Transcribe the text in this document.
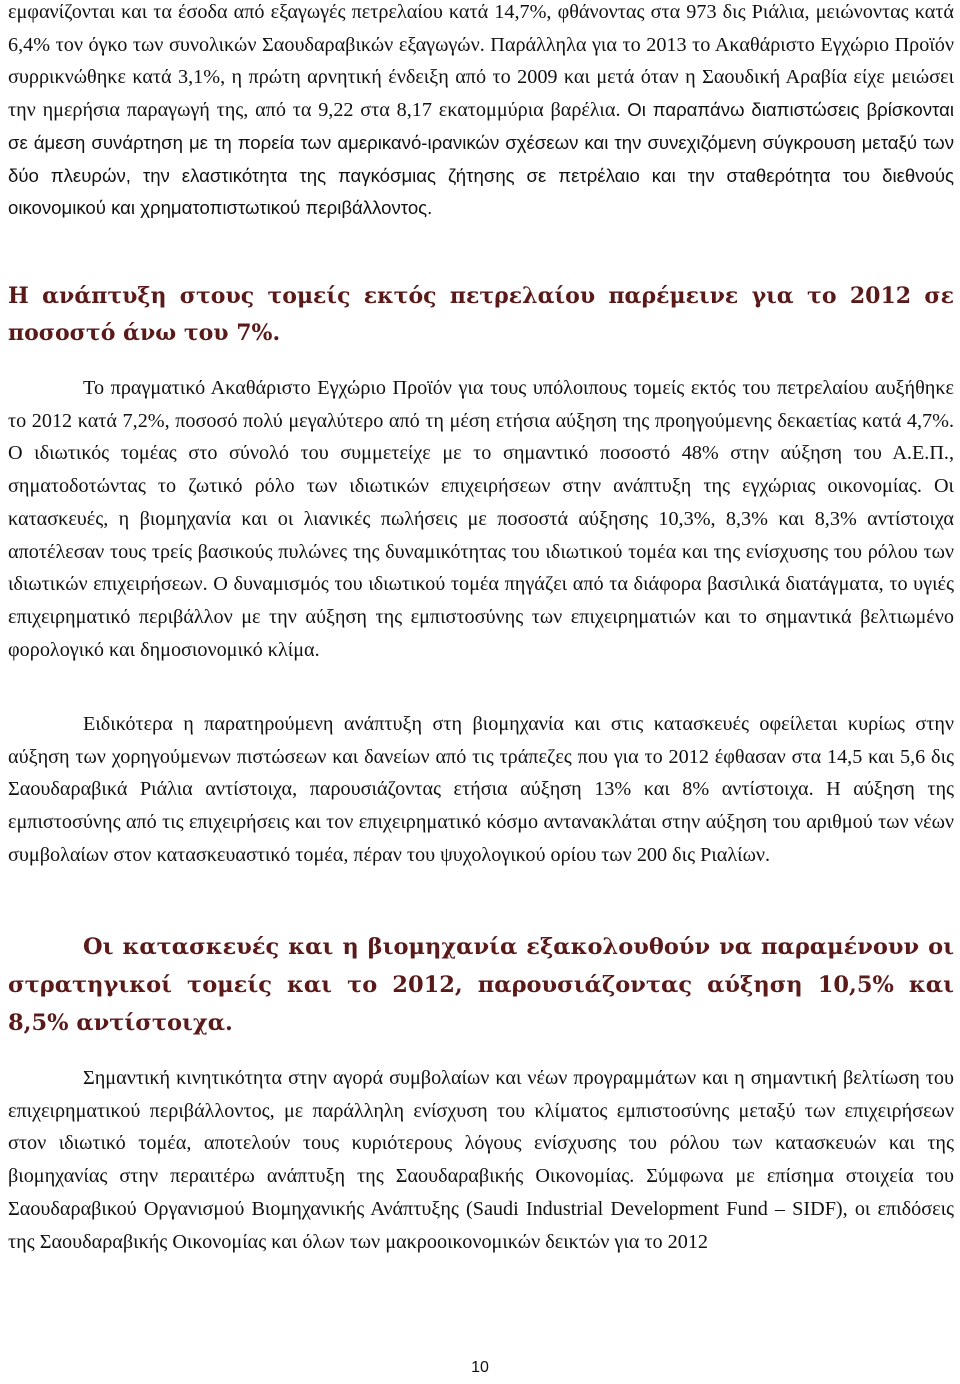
εμφανίζονται και τα έσοδα από εξαγωγές πετρελαίου κατά 14,7%, φθάνοντας στα 973 δις Ριάλια, μειώνοντας κατά 6,4% τον όγκο των συνολικών Σαουδαραβικών εξαγωγών. Παράλληλα για το 2013 το Ακαθάριστο Εγχώριο Προϊόν συρρικνώθηκε κατά 3,1%, η πρώτη αρνητική ένδειξη από το 2009 και μετά όταν η Σαουδική Αραβία είχε μειώσει την ημερήσια παραγωγή της, από τα 9,22 στα 8,17 εκατομμύρια βαρέλια. Οι παραπάνω διαπιστώσεις βρίσκονται σε άμεση συνάρτηση με τη πορεία των αμερικανό-ιρανικών σχέσεων και την συνεχιζόμενη σύγκρουση μεταξύ των δύο πλευρών, την ελαστικότητα της παγκόσμιας ζήτησης σε πετρέλαιο και την σταθερότητα του διεθνούς οικονομικού και χρηματοπιστωτικού περιβάλλοντος.

Η ανάπτυξη στους τομείς εκτός πετρελαίου παρέμεινε για το 2012 σε ποσοστό άνω του 7%.

Το πραγματικό Ακαθάριστο Εγχώριο Προϊόν για τους υπόλοιπους τομείς εκτός του πετρελαίου αυξήθηκε το 2012 κατά 7,2%, ποσοσό πολύ μεγαλύτερο από τη μέση ετήσια αύξηση της προηγούμενης δεκαετίας κατά 4,7%. Ο ιδιωτικός τομέας στο σύνολό του συμμετείχε με το σημαντικό ποσοστό 48% στην αύξηση του Α.Ε.Π., σηματοδοτώντας το ζωτικό ρόλο των ιδιωτικών επιχειρήσεων στην ανάπτυξη της εγχώριας οικονομίας. Οι κατασκευές, η βιομηχανία και οι λιανικές πωλήσεις με ποσοστά αύξησης 10,3%, 8,3% και 8,3% αντίστοιχα αποτέλεσαν τους τρείς βασικούς πυλώνες της δυναμικότητας του ιδιωτικού τομέα και της ενίσχυσης του ρόλου των ιδιωτικών επιχειρήσεων. Ο δυναμισμός του ιδιωτικού τομέα πηγάζει από τα διάφορα βασιλικά διατάγματα, το υγιές επιχειρηματικό περιβάλλον με την αύξηση της εμπιστοσύνης των επιχειρηματιών και το σημαντικά βελτιωμένο φορολογικό και δημοσιονομικό κλίμα.

Ειδικότερα η παρατηρούμενη ανάπτυξη στη βιομηχανία και στις κατασκευές οφείλεται κυρίως στην αύξηση των χορηγούμενων πιστώσεων και δανείων από τις τράπεζες που για το 2012 έφθασαν στα 14,5 και 5,6 δις Σαουδαραβικά Ριάλια αντίστοιχα, παρουσιάζοντας ετήσια αύξηση 13% και 8% αντίστοιχα. Η αύξηση της εμπιστοσύνης από τις επιχειρήσεις και τον επιχειρηματικό κόσμο αντανακλάται στην αύξηση του αριθμού των νέων συμβολαίων στον κατασκευαστικό τομέα, πέραν του ψυχολογικού ορίου των 200 δις Ριαλίων.

Οι κατασκευές και η βιομηχανία εξακολουθούν να παραμένουν οι στρατηγικοί τομείς και το 2012, παρουσιάζοντας αύξηση 10,5% και 8,5% αντίστοιχα.

Σημαντική κινητικότητα στην αγορά συμβολαίων και νέων προγραμμάτων και η σημαντική βελτίωση του επιχειρηματικού περιβάλλοντος, με παράλληλη ενίσχυση του κλίματος εμπιστοσύνης μεταξύ των επιχειρήσεων στον ιδιωτικό τομέα, αποτελούν τους κυριότερους λόγους ενίσχυσης του ρόλου των κατασκευών και της βιομηχανίας στην περαιτέρω ανάπτυξη της Σαουδαραβικής Οικονομίας. Σύμφωνα με επίσημα στοιχεία του Σαουδαραβικού Οργανισμού Βιομηχανικής Ανάπτυξης (Saudi Industrial Development Fund – SIDF), οι επιδόσεις της Σαουδαραβικής Οικονομίας και όλων των μακροοικονομικών δεικτών για το 2012

10
